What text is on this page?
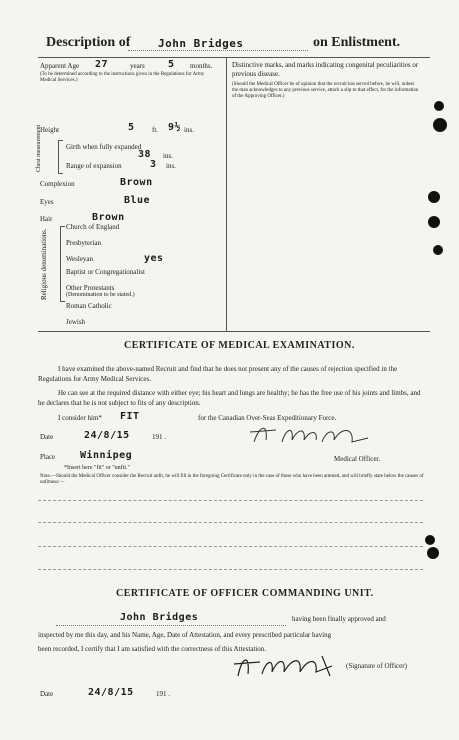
Description of	John Bridges	on Enlistment.
Apparent Age 27	years 5 months.
(To be determined according to the instructions given in the Regulations for Army Medical Services.)
Height	5 ft. 9½ ins.
Chest measurement	Girth when fully expanded
38 ins.
Range of expansion	3 ins.
Complexion	Brown
Eyes	Blue
Hair	Brown
Religious denominations.
Church of England
Presbyterian
Wesleyan	yes
Baptist or Congregationalist
Other Protestants
(Denomination to be stated.)
Roman Catholic
Jewish
Distinctive marks, and marks indicating congenital peculiarities or previous disease.
(Should the Medical Officer be of opinion that the recruit has served before, he will, unless the man acknowledges to any previous service, attach a slip to that effect, for the information of the Approving Officer.)
CERTIFICATE OF MEDICAL EXAMINATION.
I have examined the above-named Recruit and find that he does not present any of the causes of rejection specified in the Regulations for Army Medical Services.
He can see at the required distance with either eye; his heart and lungs are healthy; he has the free use of his joints and limbs, and he declares that he is not subject to fits of any description.
I consider him* FIT	for the Canadian Over-Seas Expeditionary Force.
Date	24/8/15	191 .
Place Winnipeg	Medical Officer.
*Insert here "fit" or "unfit."
Note.—Should the Medical Officer consider the Recruit unfit, he will fill in the foregoing Certificate only in the case of those who have been attested, and will briefly state below the causes of unfitness:—
CERTIFICATE OF OFFICER COMMANDING UNIT.
John Bridges	having been finally approved and
inspected by me this day, and his Name, Age, Date of Attestation, and every prescribed particular having
been recorded, I certify that I am satisfied with the correctness of this Attestation.
(Signature of Officer)
Date	24/8/15	191 .
